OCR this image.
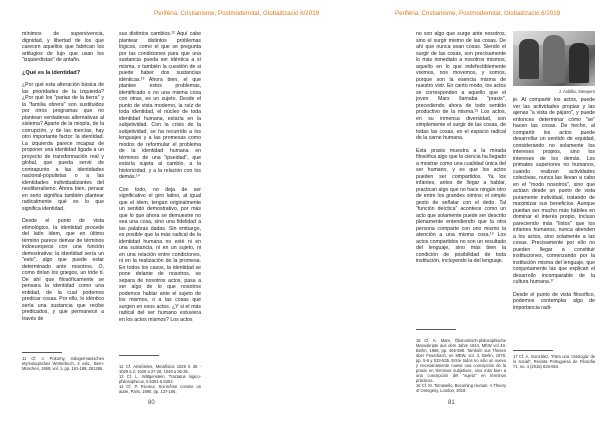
Perifèria. Cristianisme, Postmodernitat, Globalització 6/2019

mínimos de supervivencia, dignidad, y libertad de los que carecen aquellos que fabrican los artilugios de lujo que usan los "izquierdistas" de antaño.

¿Qué es la identidad?

¿Por qué esta alteración básica de las prioridades de la izquierda? ¿Por qué los "parias de la tierra" y la "familia obrera" son sustituidos por otros programas que no plantean verdaderas alternativas al sistema? Aparte de la miopía, de la corrupción, y de las inercias, hay otro importante factor: la identidad. La izquierda parece incapaz de proponer una identidad ligada a un proyecto de transformación real y global, que pueda servir de contrapunto a las identidades nacional-populistas o a las identidades individualizantes del neoliberalismo. Ahora bien, pensar en serio significa también plantear radicalmente qué es lo que significa identidad.

Desde el punto de vista etimológico, la identidad procede del latín ídem, que en último término parece derivar de términos indoeuropeos con una función demostrativa: la identidad sería un "esto", algo que puede estar determinado ante nosotros. O, como dirían los griegos, un tóde ti. De ahí que filosóficamente se pensara la identidad como una entidad, de la cual podemos predicar cosas. Por ello, lo idéntico sería una sustancia que recibe predicados, y que permanece a través de

11 Cf. J. Pokorny, Indogermanisches etymologisches Wörterbuch, 2 vols., Bern-München, 1959; vol. 1, pp. 181-188, 281286.

sus distintos cambios.¹² Aquí cabe plantear distintos problemas lógicos, como el que se pregunta por las condiciones para que una sustancia pueda ser idéntica a sí misma, o también la cuestión de si puede haber dos sustancias idénticas.¹³ Ahora bien, el que plantee estos problemas, identificado o no una misma cosa con otras, es un sujeto. Desde el punto de vista moderno, la raíz de toda identidad, el núcleo de toda identidad humana, estaría en la subjetividad. Con la crisis de la subjetividad, se ha recurrido a los lenguajes y a las promesas como modos de reformular el problema de la identidad humana en términos de una "ipseidad", que estaría sujeta al cambio, a la historicidad, y a la relación con los demás.¹⁴

Con todo, no deja de ser significativo el giro latino, al igual que el idem, tengan originalmente un sentido demostrativo, por más que lo que ahora se demuestre no sea una cosa, sino una fidelidad a las palabras dadas. Sin embargo, es posible que la más radical de la identidad humana no esté ni en una sustancia, ni en un sujeto, ni en una relación entre condiciones, ni en la realización de la promesa. En todos los casos, la identidad se pone delante de nosotros, se separa de nosotros actos, pasa a ser algo de lo que nosotros podemos hablar ante el sujeto de los mismos, o a las cosas que surgen en esos actos. ¿Y si el más radical del ser humano estuviera en los actos mismos? Los actos

12 Cf. Aristóteles, Metafísica 1028 b 36 - 1029 a 2; 1029 a 27-28; 1049 a 35-36.
13 Cf. L. Wittgenstein, Tractatus logico-philosophicus, 5.5301-5.5303.
14 Cf. P. Ricoeur, Soi-même comme un autre, Paris, 1990, pp. 137-166.

80
Perifèria. Cristianisme, Postmodernitat, Globalització 6/2019

no son algo que surge ante nosotros, sino el surgir mismo de las cosas. De ahí que nunca sean cosas. Siendo el surgir de las cosas, son precisamente lo más inmediato a nosotros mismos, aquello en lo que indefectiblemente vivimos, nos movemos, y somos, porque son la esencia misma de nuestro vivir. En cierto modo, los actos se corresponden a aquello que el joven Marx llamaba "praxis", precediendo ahora de todo sentido productivo de la misma.¹⁵ Los actos, en su inmensa diversidad, son simplemente el surgir de las cosas, de todas las cosas, en el espacio radical de la carne humana.

Esta praxis muestra a la mirada filosófica algo que la ciencia ha llegado a mostrar como una cualidad única del ser humano, y es que los actos pueden ser compartidos. Ya los infantes, antes de llegar a hablar, practican algo que no hace ningún otro de entre los grandes simios: el simple gesto de señalar con el dedo. Tal "función deíctica" acontece como un acto que solamente puede ser descrito plenamente entendiendo que la otra persona comparte con uno mismo la atención a una misma cosa.¹⁶ Los actos compartidos no son un resultado del lenguaje, sino más bien la condición de posibilidad de toda institución, incluyendo la del lenguaje.

15 Cf. K. Marx, Ökonomisch-philosophische Manuskripte aus dem Jahre 1844, MEW vol 40, Berlin, 1968, pp. 465-588. También sus Thesen über Feuerbach, en MEW, vol. 3, Berlin, 1978, pp. 5-6 y 533-535. Entre todos no sólo un nuevo y necesariamente nueva una concepción de la praxis en términos subjetivos, sino más bien a una concepción del "sujeto" en términos prácticos.
16 Cf. M. Tomasello, Becoming Human. A Theory of Ontogeny, London, 2019.

J. Asbilla, Sleepers

je. Al compartir los actos, puede ver las actividades propias y las ajenas "a vista de pájaro", y puede entonces determinar cómo "se" hacen las cosas. De hecho, al compartir los actos puede desarrollar un sentido de equidad, considerando no solamente los intereses propios, sino los intereses de los demás. Los primates superiores no humanos, cuando realizan actividades colectivas, nunca las llevan a cabo en el "modo nosotros", sino que actúan desde un punto de vista puramente individual, tratando de maximizar sus beneficios. Aunque puedan ser mucho más hábiles en dominar el interés propio, incluso pareciendo más "listos" que los infantes humanos, nunca atienden a los actos, sino solamente a las cosas. Precisamente por ello no pueden llegar a constituir instituciones, comenzando por la institución misma del lenguaje, que conjuntamente las que explican el desarrollo incomparable de la cultura humana.¹⁷

Desde el punto de vista filosófico, podemos contemplar algo de importancia radi-

17 Cf. A. González, "Para una 'ontología' de lo social", Revista Portuguesa de Filosofia 71, no. 4 (2015) 633-654.

81
